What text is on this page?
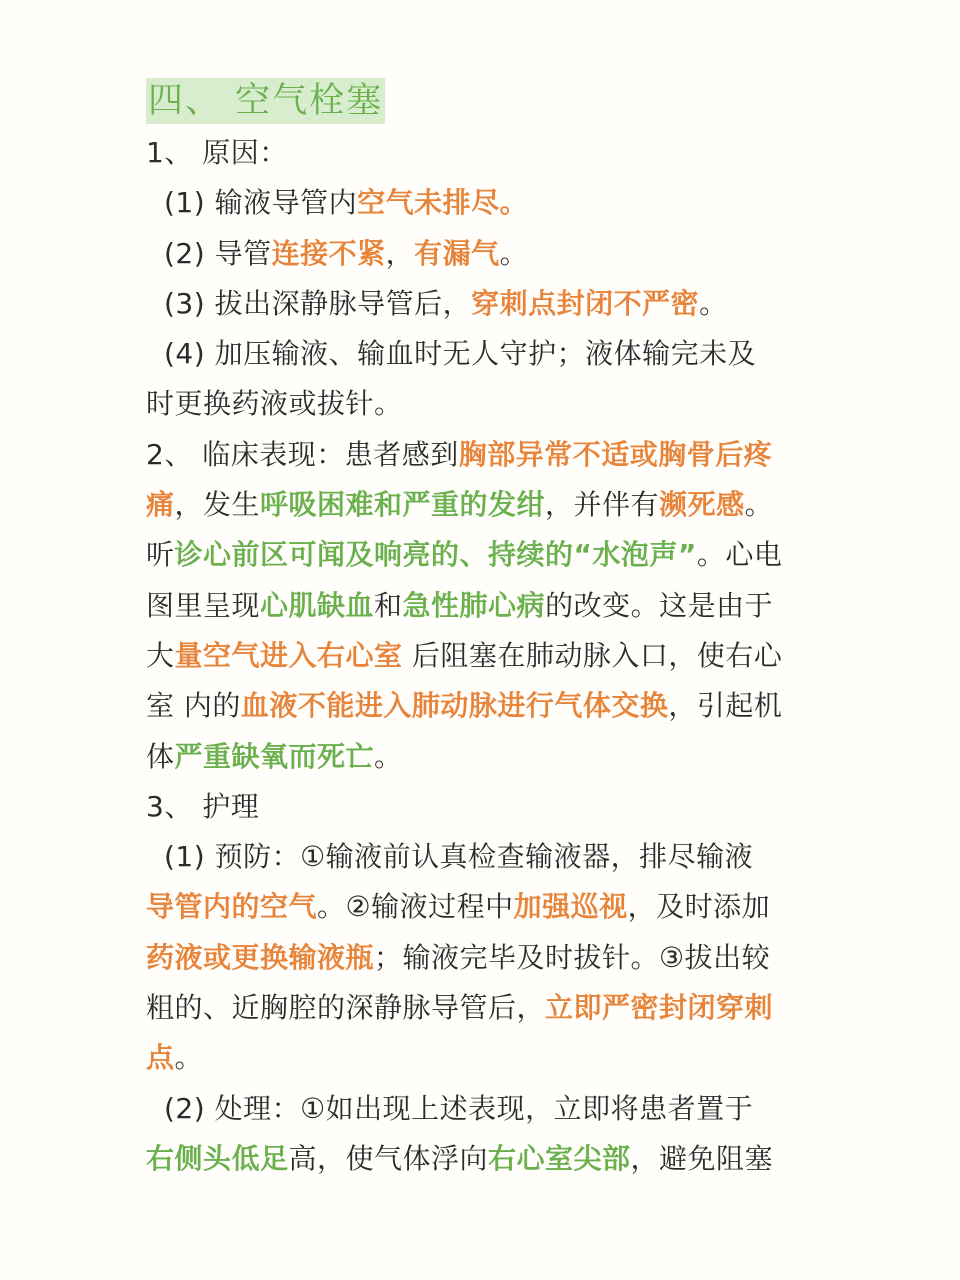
四、 空气栓塞
1、 原因：
(1) 输液导管内空气未排尽。
(2) 导管连接不紧，有漏气。
(3) 拔出深静脉导管后，穿刺点封闭不严密。
(4) 加压输液、输血时无人守护；液体输完未及
时更换药液或拔针。
2、 临床表现：患者感到胸部异常不适或胸骨后疼
痛，发生呼吸困难和严重的发绀，并伴有濒死感。
听诊心前区可闻及响亮的、持续的“水泡声”。心电
图里呈现心肌缺血和急性肺心病的改变。这是由于
大量空气进入右心室 后阻塞在肺动脉入口，使右心
室 内的血液不能进入肺动脉进行气体交换，引起机
体严重缺氧而死亡。
3、 护理
(1) 预防：①输液前认真检查输液器，排尽输液
导管内的空气。②输液过程中加强巡视，及时添加
药液或更换输液瓶；输液完毕及时拔针。③拔出较
粗的、近胸腔的深静脉导管后，立即严密封闭穿刺
点。
(2) 处理：①如出现上述表现，立即将患者置于
右侧头低足高，使气体浮向右心室尖部，避免阻塞
